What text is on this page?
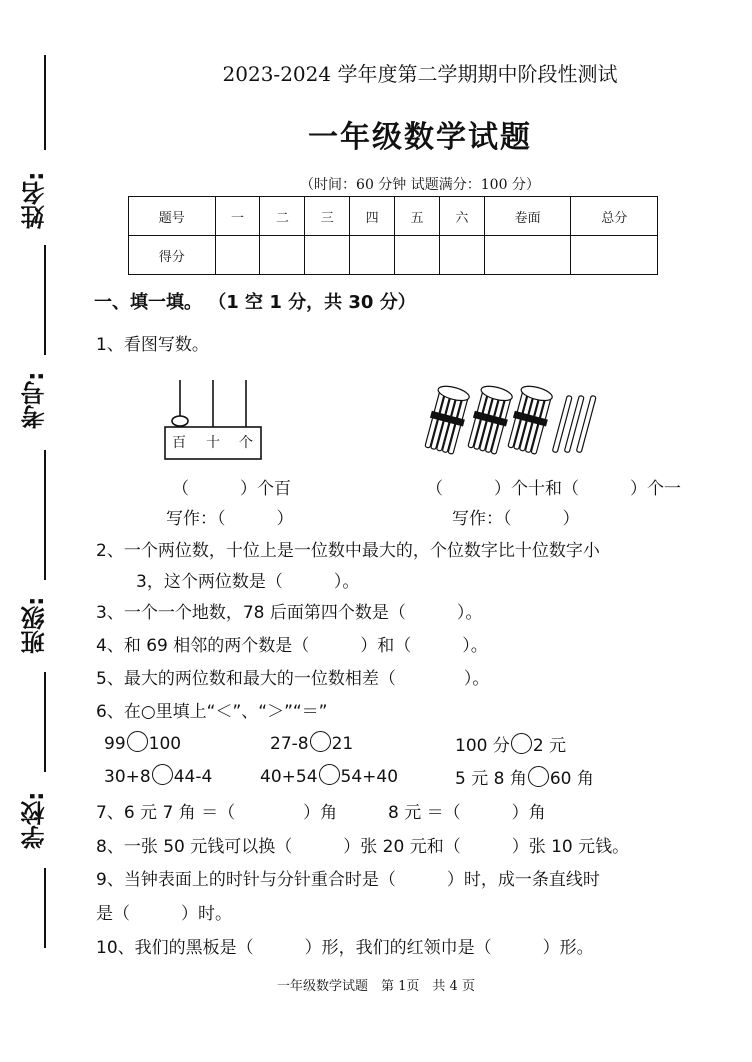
姓名:
考号:
班级:
学校:
2023-2024 学年度第二学期期中阶段性测试
一年级数学试题
（时间：60 分钟 试题满分：100 分）
题号	一	二	三	四	五	六	卷面	总分
得分								
一、填一填。 （1 空 1 分，共 30 分）
1、看图写数。
百 十 个
（　　　）个百	（　　　）个十和（　　　）个一
写作：（　　　）	写作：（　　　）
2、一个两位数，十位上是一位数中最大的，个位数字比十位数字小
3，这个两位数是（　　　）。
3、一个一个地数，78 后面第四个数是（　　　）。
4、和 69 相邻的两个数是（　　　）和（　　　）。
5、最大的两位数和最大的一位数相差（　　　　）。
6、在○里填上“＜”、“＞”“＝”
99 100	27-8 21	100 分 2 元
30+8 44-4	40+54 54+40	5 元 8 角 60 角
7、6 元 7 角 ＝（　　　　）角　　　8 元 ＝（　　　）角
8、一张 50 元钱可以换（　　　）张 20 元和（　　　）张 10 元钱。
9、当钟表面上的时针与分针重合时是（　　　）时，成一条直线时
是（　　　）时。
10、我们的黑板是（　　　）形，我们的红领巾是（　　　）形。
一年级数学试题　第 1页　共 4 页
